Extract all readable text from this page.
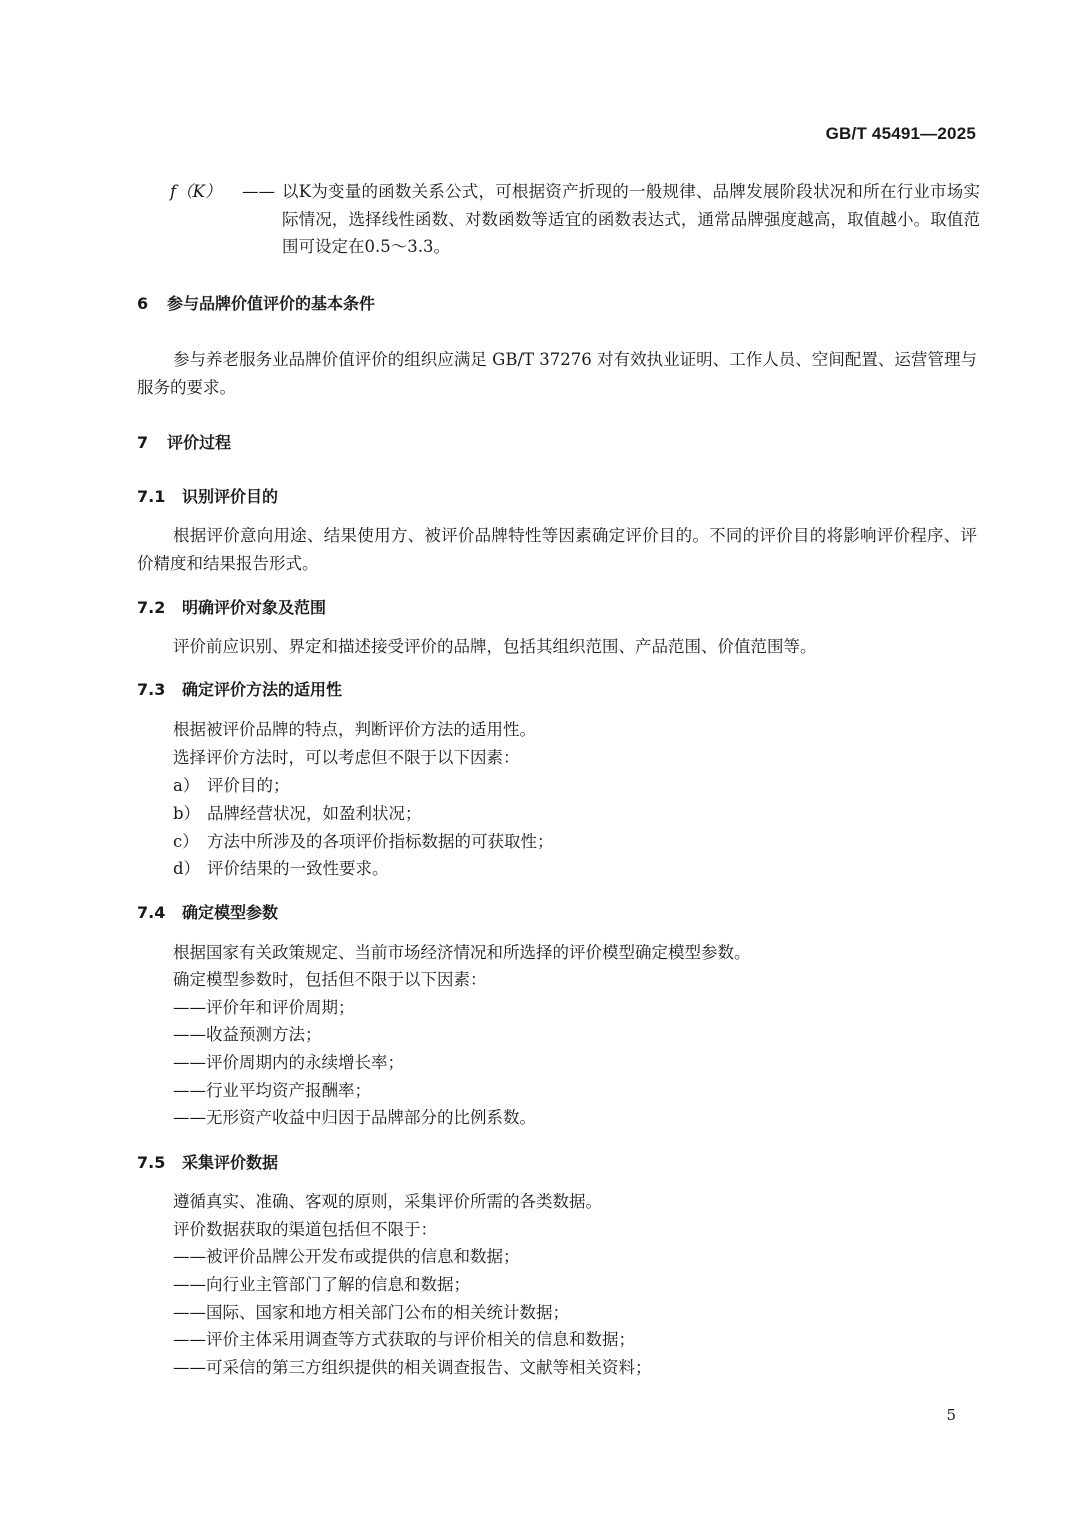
GB/T 45491—2025
f（K）	—— 以K为变量的函数关系公式，可根据资产折现的一般规律、品牌发展阶段状况和所在行业市场实际情况，选择线性函数、对数函数等适宜的函数表达式，通常品牌强度越高，取值越小。取值范围可设定在0.5～3.3。
6 参与品牌价值评价的基本条件
参与养老服务业品牌价值评价的组织应满足 GB/T 37276 对有效执业证明、工作人员、空间配置、运营管理与服务的要求。
7 评价过程
7.1 识别评价目的
根据评价意向用途、结果使用方、被评价品牌特性等因素确定评价目的。不同的评价目的将影响评价程序、评价精度和结果报告形式。
7.2 明确评价对象及范围
评价前应识别、界定和描述接受评价的品牌，包括其组织范围、产品范围、价值范围等。
7.3 确定评价方法的适用性
根据被评价品牌的特点，判断评价方法的适用性。
选择评价方法时，可以考虑但不限于以下因素：
a） 评价目的；
b） 品牌经营状况，如盈利状况；
c） 方法中所涉及的各项评价指标数据的可获取性；
d） 评价结果的一致性要求。
7.4 确定模型参数
根据国家有关政策规定、当前市场经济情况和所选择的评价模型确定模型参数。
确定模型参数时，包括但不限于以下因素：
——评价年和评价周期；
——收益预测方法；
——评价周期内的永续增长率；
——行业平均资产报酬率；
——无形资产收益中归因于品牌部分的比例系数。
7.5 采集评价数据
遵循真实、准确、客观的原则，采集评价所需的各类数据。
评价数据获取的渠道包括但不限于：
——被评价品牌公开发布或提供的信息和数据；
——向行业主管部门了解的信息和数据；
——国际、国家和地方相关部门公布的相关统计数据；
——评价主体采用调查等方式获取的与评价相关的信息和数据；
——可采信的第三方组织提供的相关调查报告、文献等相关资料；
5
